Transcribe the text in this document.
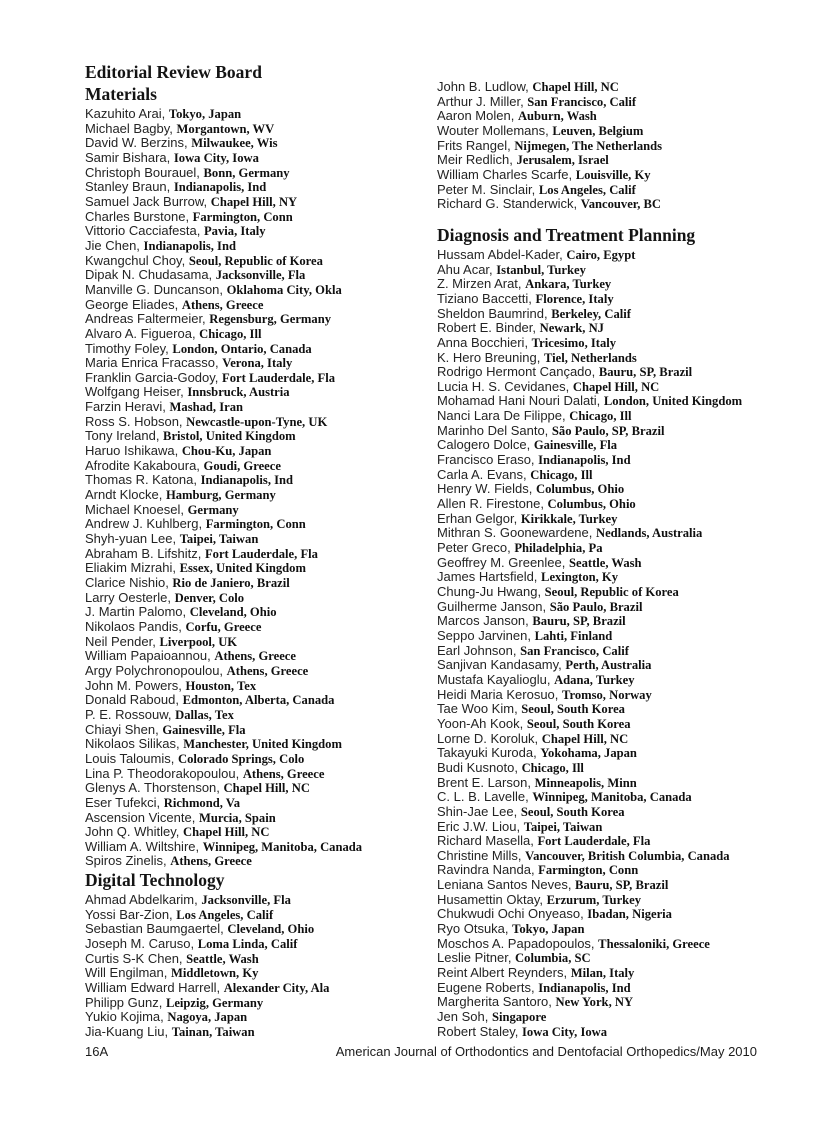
Editorial Review Board
Materials
Kazuhito Arai, Tokyo, Japan
Michael Bagby, Morgantown, WV
David W. Berzins, Milwaukee, Wis
Samir Bishara, Iowa City, Iowa
Christoph Bourauel, Bonn, Germany
Stanley Braun, Indianapolis, Ind
Samuel Jack Burrow, Chapel Hill, NY
Charles Burstone, Farmington, Conn
Vittorio Cacciafesta, Pavia, Italy
Jie Chen, Indianapolis, Ind
Kwangchul Choy, Seoul, Republic of Korea
Dipak N. Chudasama, Jacksonville, Fla
Manville G. Duncanson, Oklahoma City, Okla
George Eliades, Athens, Greece
Andreas Faltermeier, Regensburg, Germany
Alvaro A. Figueroa, Chicago, Ill
Timothy Foley, London, Ontario, Canada
Maria Enrica Fracasso, Verona, Italy
Franklin Garcia-Godoy, Fort Lauderdale, Fla
Wolfgang Heiser, Innsbruck, Austria
Farzin Heravi, Mashad, Iran
Ross S. Hobson, Newcastle-upon-Tyne, UK
Tony Ireland, Bristol, United Kingdom
Haruo Ishikawa, Chou-Ku, Japan
Afrodite Kakaboura, Goudi, Greece
Thomas R. Katona, Indianapolis, Ind
Arndt Klocke, Hamburg, Germany
Michael Knoesel, Germany
Andrew J. Kuhlberg, Farmington, Conn
Shyh-yuan Lee, Taipei, Taiwan
Abraham B. Lifshitz, Fort Lauderdale, Fla
Eliakim Mizrahi, Essex, United Kingdom
Clarice Nishio, Rio de Janiero, Brazil
Larry Oesterle, Denver, Colo
J. Martin Palomo, Cleveland, Ohio
Nikolaos Pandis, Corfu, Greece
Neil Pender, Liverpool, UK
William Papaioannou, Athens, Greece
Argy Polychronopoulou, Athens, Greece
John M. Powers, Houston, Tex
Donald Raboud, Edmonton, Alberta, Canada
P. E. Rossouw, Dallas, Tex
Chiayi Shen, Gainesville, Fla
Nikolaos Silikas, Manchester, United Kingdom
Louis Taloumis, Colorado Springs, Colo
Lina P. Theodorakopoulou, Athens, Greece
Glenys A. Thorstenson, Chapel Hill, NC
Eser Tufekci, Richmond, Va
Ascension Vicente, Murcia, Spain
John Q. Whitley, Chapel Hill, NC
William A. Wiltshire, Winnipeg, Manitoba, Canada
Spiros Zinelis, Athens, Greece
Digital Technology
Ahmad Abdelkarim, Jacksonville, Fla
Yossi Bar-Zion, Los Angeles, Calif
Sebastian Baumgaertel, Cleveland, Ohio
Joseph M. Caruso, Loma Linda, Calif
Curtis S-K Chen, Seattle, Wash
Will Engilman, Middletown, Ky
William Edward Harrell, Alexander City, Ala
Philipp Gunz, Leipzig, Germany
Yukio Kojima, Nagoya, Japan
Jia-Kuang Liu, Tainan, Taiwan
John B. Ludlow, Chapel Hill, NC
Arthur J. Miller, San Francisco, Calif
Aaron Molen, Auburn, Wash
Wouter Mollemans, Leuven, Belgium
Frits Rangel, Nijmegen, The Netherlands
Meir Redlich, Jerusalem, Israel
William Charles Scarfe, Louisville, Ky
Peter M. Sinclair, Los Angeles, Calif
Richard G. Standerwick, Vancouver, BC
Diagnosis and Treatment Planning
Hussam Abdel-Kader, Cairo, Egypt
Ahu Acar, Istanbul, Turkey
Z. Mirzen Arat, Ankara, Turkey
Tiziano Baccetti, Florence, Italy
Sheldon Baumrind, Berkeley, Calif
Robert E. Binder, Newark, NJ
Anna Bocchieri, Tricesimo, Italy
K. Hero Breuning, Tiel, Netherlands
Rodrigo Hermont Cançado, Bauru, SP, Brazil
Lucia H. S. Cevidanes, Chapel Hill, NC
Mohamad Hani Nouri Dalati, London, United Kingdom
Nanci Lara De Filippe, Chicago, Ill
Marinho Del Santo, São Paulo, SP, Brazil
Calogero Dolce, Gainesville, Fla
Francisco Eraso, Indianapolis, Ind
Carla A. Evans, Chicago, Ill
Henry W. Fields, Columbus, Ohio
Allen R. Firestone, Columbus, Ohio
Erhan Gelgor, Kirikkale, Turkey
Mithran S. Goonewardene, Nedlands, Australia
Peter Greco, Philadelphia, Pa
Geoffrey M. Greenlee, Seattle, Wash
James Hartsfield, Lexington, Ky
Chung-Ju Hwang, Seoul, Republic of Korea
Guilherme Janson, São Paulo, Brazil
Marcos Janson, Bauru, SP, Brazil
Seppo Jarvinen, Lahti, Finland
Earl Johnson, San Francisco, Calif
Sanjivan Kandasamy, Perth, Australia
Mustafa Kayalioglu, Adana, Turkey
Heidi Maria Kerosuo, Tromso, Norway
Tae Woo Kim, Seoul, South Korea
Yoon-Ah Kook, Seoul, South Korea
Lorne D. Koroluk, Chapel Hill, NC
Takayuki Kuroda, Yokohama, Japan
Budi Kusnoto, Chicago, Ill
Brent E. Larson, Minneapolis, Minn
C. L. B. Lavelle, Winnipeg, Manitoba, Canada
Shin-Jae Lee, Seoul, South Korea
Eric J.W. Liou, Taipei, Taiwan
Richard Masella, Fort Lauderdale, Fla
Christine Mills, Vancouver, British Columbia, Canada
Ravindra Nanda, Farmington, Conn
Leniana Santos Neves, Bauru, SP, Brazil
Husamettin Oktay, Erzurum, Turkey
Chukwudi Ochi Onyeaso, Ibadan, Nigeria
Ryo Otsuka, Tokyo, Japan
Moschos A. Papadopoulos, Thessaloniki, Greece
Leslie Pitner, Columbia, SC
Reint Albert Reynders, Milan, Italy
Eugene Roberts, Indianapolis, Ind
Margherita Santoro, New York, NY
Jen Soh, Singapore
Robert Staley, Iowa City, Iowa
16A	American Journal of Orthodontics and Dentofacial Orthopedics/May 2010
